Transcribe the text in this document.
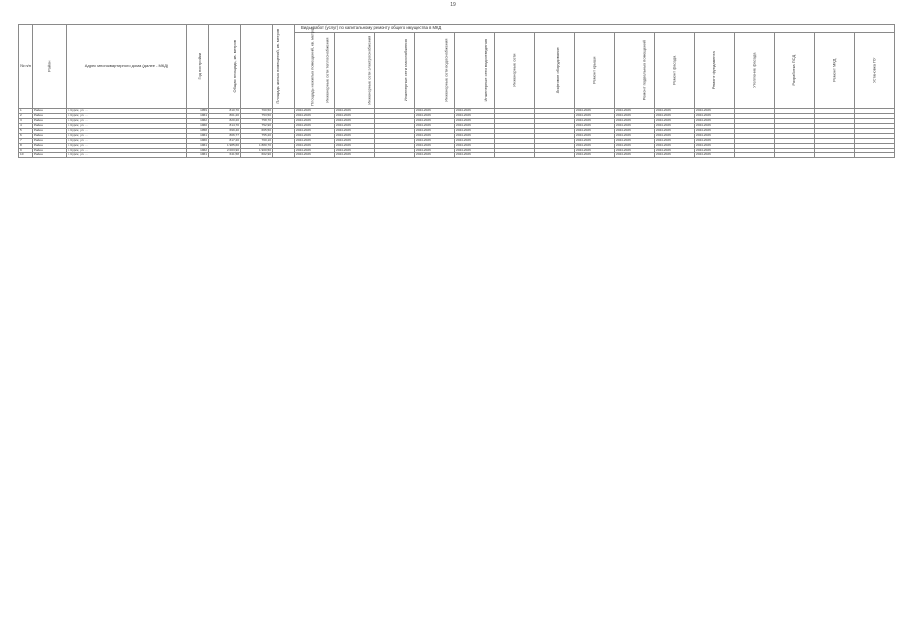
19
№ п/п	Район	Адрес многоквартирного дома (далее - МКД)	Год постройки	Общая площадь, кв. метров	Площадь жилых помещений, кв. метров	Площадь нежилых помещений, кв. метров	Виды работ (услуг) по капитальному ремонту общего имущества в МКД														
							Инженерные сети теплоснабжения	Инженерные сети электроснабжения	Инженерные сети газоснабжения	Инженерные сети водоснабжения	Инженерные сети водоотведения	Инженерные сети	Лифтовое оборудование	Ремонт крыши	Ремонт подвальных помещений	Ремонт фасада	Ремонт фундамента	Утепление фасада	Разработка ПСД	Ремонт МКД	Установка ПУ
1	Район	г. Курск, ул. ...	1959	810,70	760,50		2024-2026	2024-2026		2024-2026	2024-2026			2024-2026	2024-2026	2024-2026	2024-2026				
2	Район	г. Курск, ул. ...	1961	801,20	753,50		2024-2026	2024-2026		2024-2026	2024-2026			2024-2026	2024-2026	2024-2026	2024-2026				
3	Район	г. Курск, ул. ...	1962	820,20	758,70		2024-2026	2024-2026		2024-2026	2024-2026			2024-2026	2024-2026	2024-2026	2024-2026				
4	Район	г. Курск, ул. ...	1960	814,70	752,90		2024-2026	2024-2026		2024-2026	2024-2026			2024-2026	2024-2026	2024-2026	2024-2026				
5	Район	г. Курск, ул. ...	1958	699,40	665,50		2024-2026	2024-2026		2024-2026	2024-2026			2024-2026	2024-2026	2024-2026	2024-2026				
6	Район	г. Курск, ул. ...	1961	806,77	755,20		2024-2026	2024-2026		2024-2026	2024-2026			2024-2026	2024-2026	2024-2026	2024-2026				
7	Район	г. Курск, ул. ...	1960	817,20	760,10		2024-2026	2024-2026		2024-2026	2024-2026			2024-2026	2024-2026	2024-2026	2024-2026				
8	Район	г. Курск, ул. ...	1961	1 985,60	1 880,70		2024-2026	2024-2026		2024-2026	2024-2026			2024-2026	2024-2026	2024-2026	2024-2026				
9	Район	г. Курск, ул. ...	1962	2 003,90	1 900,50		2024-2026	2024-2026		2024-2026	2024-2026			2024-2026	2024-2026	2024-2026	2024-2026				
10	Район	г. Курск, ул. ...	1961	641,58	602,90		2024-2026	2024-2026		2024-2026	2024-2026			2024-2026	2024-2026	2024-2026	2024-2026				
